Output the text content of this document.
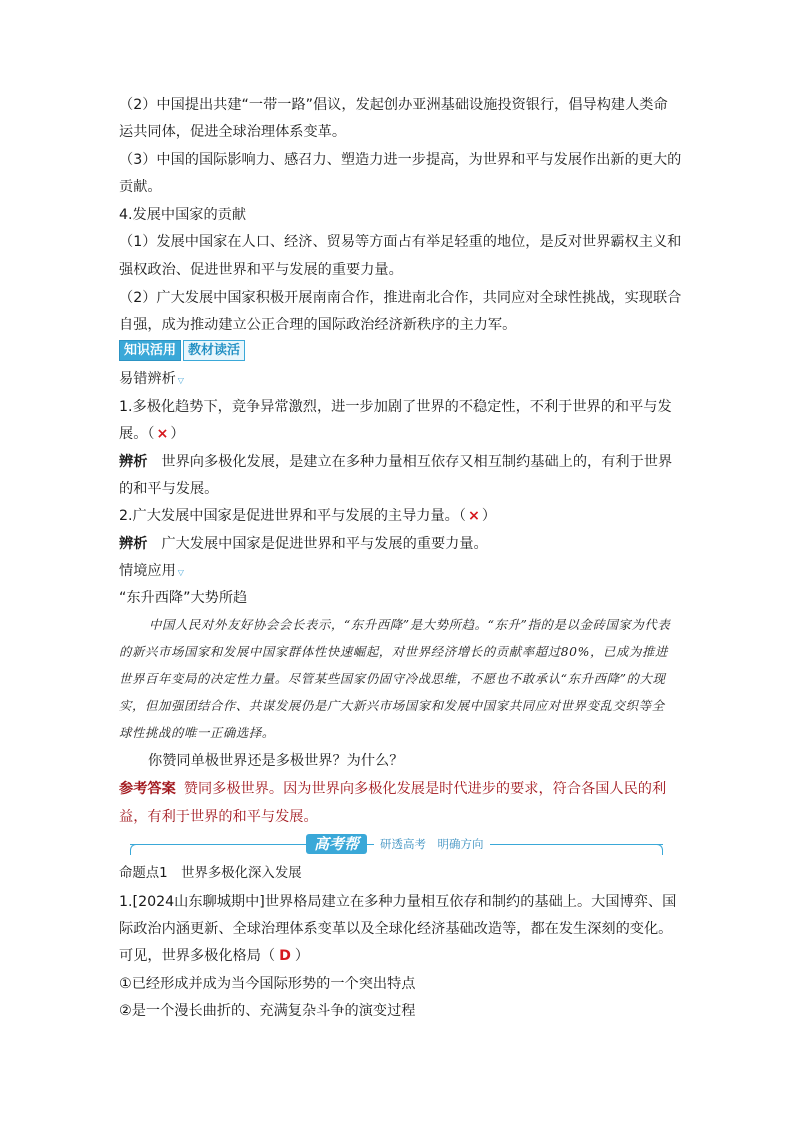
（2）中国提出共建“一带一路”倡议，发起创办亚洲基础设施投资银行，倡导构建人类命
运共同体，促进全球治理体系变革。
（3）中国的国际影响力、感召力、塑造力进一步提高，为世界和平与发展作出新的更大的
贡献。
4.发展中国家的贡献
（1）发展中国家在人口、经济、贸易等方面占有举足轻重的地位，是反对世界霸权主义和
强权政治、促进世界和平与发展的重要力量。
（2）广大发展中国家积极开展南南合作，推进南北合作，共同应对全球性挑战，实现联合
自强，成为推动建立公正合理的国际政治经济新秩序的主力军。
知识活用 教材读活
易错辨析 ▽
1.多极化趋势下，竞争异常激烈，进一步加剧了世界的不稳定性，不利于世界的和平与发
展。（ × ）
辨析 世界向多极化发展，是建立在多种力量相互依存又相互制约基础上的，有利于世界
的和平与发展。
2.广大发展中国家是促进世界和平与发展的主导力量。（ × ）
辨析 广大发展中国家是促进世界和平与发展的重要力量。
情境应用 ▽
“东升西降”大势所趋
中国人民对外友好协会会长表示，“东升西降”是大势所趋。“东升”指的是以金砖国家为代表的新兴市场国家和发展中国家群体性快速崛起，对世界经济增长的贡献率超过80%，已成为推进世界百年变局的决定性力量。尽管某些国家仍固守冷战思维，不愿也不敢承认“东升西降”的大现实，但加强团结合作、共谋发展仍是广大新兴市场国家和发展中国家共同应对世界变乱交织等全球性挑战的唯一正确选择。
你赞同单极世界还是多极世界？为什么？
参考答案 赞同多极世界。因为世界向多极化发展是时代进步的要求，符合各国人民的利益，有利于世界的和平与发展。
高考帮	研透高考　明确方向
命题点1　世界多极化深入发展
1.[2024山东聊城期中]世界格局建立在多种力量相互依存和制约的基础上。大国博弈、国
际政治内涵更新、全球治理体系变革以及全球化经济基础改造等，都在发生深刻的变化。
可见，世界多极化格局（ D ）
①已经形成并成为当今国际形势的一个突出特点
②是一个漫长曲折的、充满复杂斗争的演变过程
